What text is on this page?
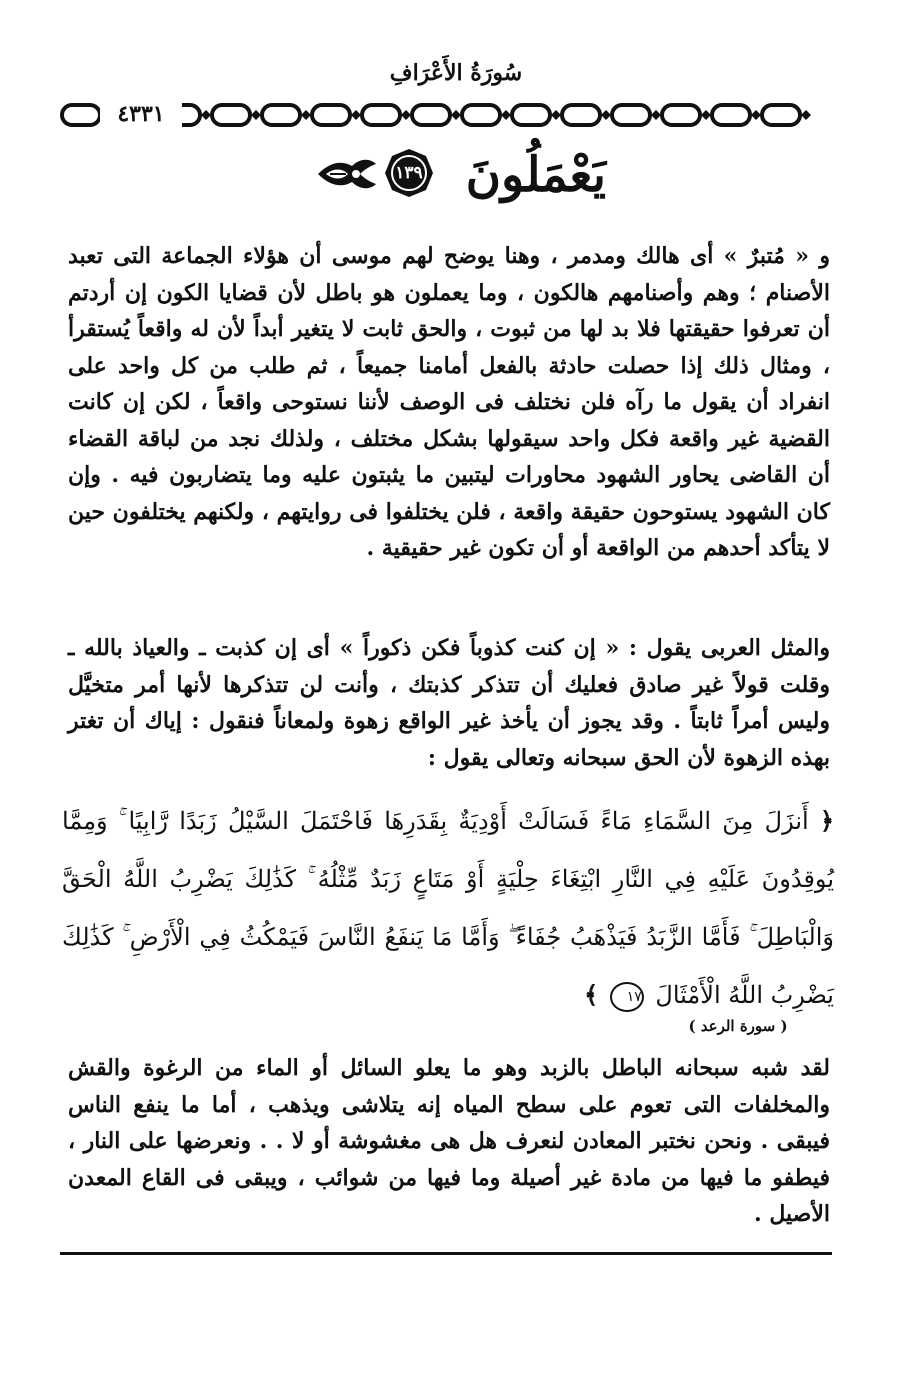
سُورَةُ الأَعْرَافِ
٤٣٣١
يَعْمَلُونَ
١٣٩
و « مُتبرٌ » أى هالك ومدمر ، وهنا يوضح لهم موسى أن هؤلاء الجماعة التى تعبد الأصنام ؛ وهم وأصنامهم هالكون ، وما يعملون هو باطل لأن قضايا الكون إن أردتم أن تعرفوا حقيقتها فلا بد لها من ثبوت ، والحق ثابت لا يتغير أبداً لأن له واقعاً يُستقرأ ، ومثال ذلك إذا حصلت حادثة بالفعل أمامنا جميعاً ، ثم طلب من كل واحد على انفراد أن يقول ما رآه فلن نختلف فى الوصف لأننا نستوحى واقعاً ، لكن إن كانت القضية غير واقعة فكل واحد سيقولها بشكل مختلف ، ولذلك نجد من لباقة القضاء أن القاضى يحاور الشهود محاورات ليتبين ما يثبتون عليه وما يتضاربون فيه . وإن كان الشهود يستوحون حقيقة واقعة ، فلن يختلفوا فى روايتهم ، ولكنهم يختلفون حين لا يتأكد أحدهم من الواقعة أو أن تكون غير حقيقية .
والمثل العربى يقول : « إن كنت كذوباً فكن ذكوراً » أى إن كذبت ـ والعياذ بالله ـ وقلت قولاً غير صادق فعليك أن تتذكر كذبتك ، وأنت لن تتذكرها لأنها أمر متخيَّل وليس أمراً ثابتاً . وقد يجوز أن يأخذ غير الواقع زهوة ولمعاناً فنقول : إياك أن تغتر بهذه الزهوة لأن الحق سبحانه وتعالى يقول :
﴿ أَنزَلَ مِنَ السَّمَاءِ مَاءً فَسَالَتْ أَوْدِيَةٌ بِقَدَرِهَا فَاحْتَمَلَ السَّيْلُ زَبَدًا رَّابِيًا ۚ وَمِمَّا يُوقِدُونَ عَلَيْهِ فِي النَّارِ ابْتِغَاءَ حِلْيَةٍ أَوْ مَتَاعٍ زَبَدٌ مِّثْلُهُ ۚ كَذَٰلِكَ يَضْرِبُ اللَّهُ الْحَقَّ وَالْبَاطِلَ ۚ فَأَمَّا الزَّبَدُ فَيَذْهَبُ جُفَاءً ۖ وَأَمَّا مَا يَنفَعُ النَّاسَ فَيَمْكُثُ فِي الْأَرْضِ ۚ كَذَٰلِكَ يَضْرِبُ اللَّهُ الْأَمْثَالَ ١٧ ﴾
( سورة الرعد )
لقد شبه سبحانه الباطل بالزبد وهو ما يعلو السائل أو الماء من الرغوة والقش والمخلفات التى تعوم على سطح المياه إنه يتلاشى ويذهب ، أما ما ينفع الناس فيبقى . ونحن نختبر المعادن لنعرف هل هى مغشوشة أو لا . . ونعرضها على النار ، فيطفو ما فيها من مادة غير أصيلة وما فيها من شوائب ، ويبقى فى القاع المعدن الأصيل .
